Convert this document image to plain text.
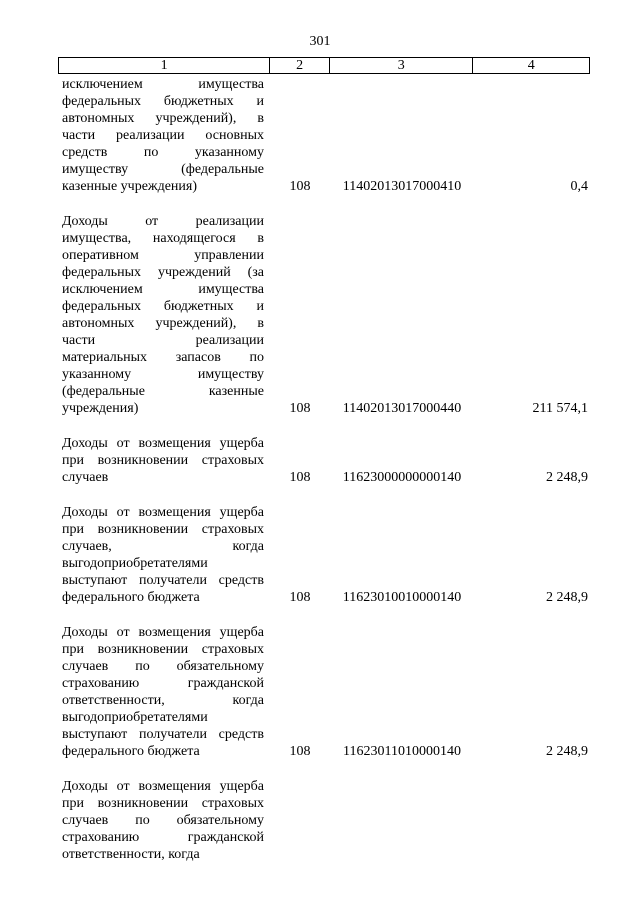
301
1	2	3	4
исключением имущества
федеральных бюджетных и
автономных учреждений), в
части реализации основных
средств по указанному
имуществу (федеральные
казенные учреждения)	108	11402013017000410	0,4
Доходы от реализации
имущества, находящегося в
оперативном управлении
федеральных учреждений (за
исключением имущества
федеральных бюджетных и
автономных учреждений), в
части реализации
материальных запасов по
указанному имуществу
(федеральные казенные
учреждения)	108	11402013017000440	211 574,1
Доходы от возмещения ущерба
при возникновении страховых
случаев	108	11623000000000140	2 248,9
Доходы от возмещения ущерба
при возникновении страховых
случаев, когда
выгодоприобретателями
выступают получатели средств
федерального бюджета	108	11623010010000140	2 248,9
Доходы от возмещения ущерба
при возникновении страховых
случаев по обязательному
страхованию гражданской
ответственности, когда
выгодоприобретателями
выступают получатели средств
федерального бюджета	108	11623011010000140	2 248,9
Доходы от возмещения ущерба
при возникновении страховых
случаев по обязательному
страхованию гражданской
ответственности, когда
